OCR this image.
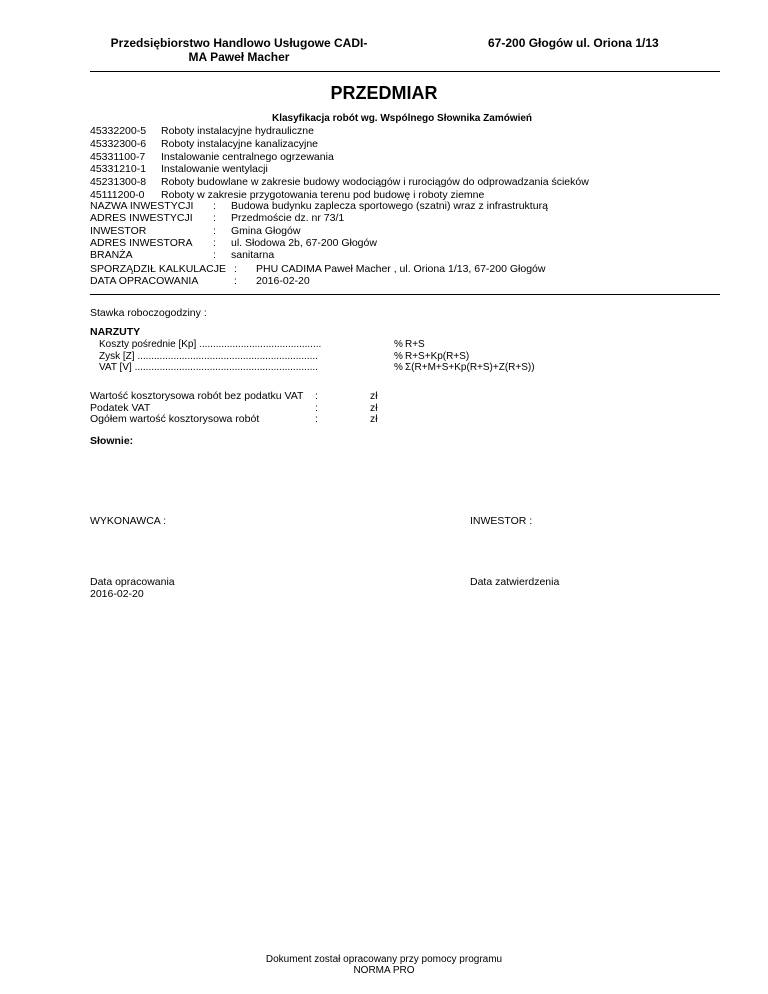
Przedsiębiorstwo Handlowo Usługowe CADI-
MA Paweł Macher
67-200 Głogów ul. Oriona 1/13
PRZEDMIAR
Klasyfikacja robót wg. Wspólnego Słownika Zamówień
45332200-5	Roboty instalacyjne hydrauliczne
45332300-6	Roboty instalacyjne kanalizacyjne
45331100-7	Instalowanie centralnego ogrzewania
45331210-1	Instalowanie wentylacji
45231300-8	Roboty budowlane w zakresie budowy wodociągów i rurociągów do odprowadzania ścieków
45111200-0	Roboty w zakresie przygotowania terenu pod budowę i roboty ziemne
NAZWA INWESTYCJI	:	Budowa budynku zaplecza sportowego (szatni) wraz z infrastrukturą
ADRES INWESTYCJI	:	Przedmoście dz. nr 73/1
INWESTOR	:	Gmina Głogów
ADRES INWESTORA	:	ul. Słodowa 2b, 67-200 Głogów
BRANŻA	:	sanitarna
SPORZĄDZIŁ KALKULACJE :	PHU CADIMA Paweł Macher , ul. Oriona 1/13, 67-200 Głogów
DATA OPRACOWANIA	:	2016-02-20
Stawka roboczogodziny :
NARZUTY
Koszty pośrednie [Kp] ............................................	% R+S
Zysk [Z] .................................................................	% R+S+Kp(R+S)
VAT [V] ..................................................................	% Σ(R+M+S+Kp(R+S)+Z(R+S))
Wartość kosztorysowa robót bez podatku VAT	:	zł
Podatek VAT	:	zł
Ogółem wartość kosztorysowa robót	:	zł
Słownie:
WYKONAWCA :	INWESTOR :
Data opracowania
2016-02-20
Data zatwierdzenia
Dokument został opracowany przy pomocy programu
NORMA PRO
